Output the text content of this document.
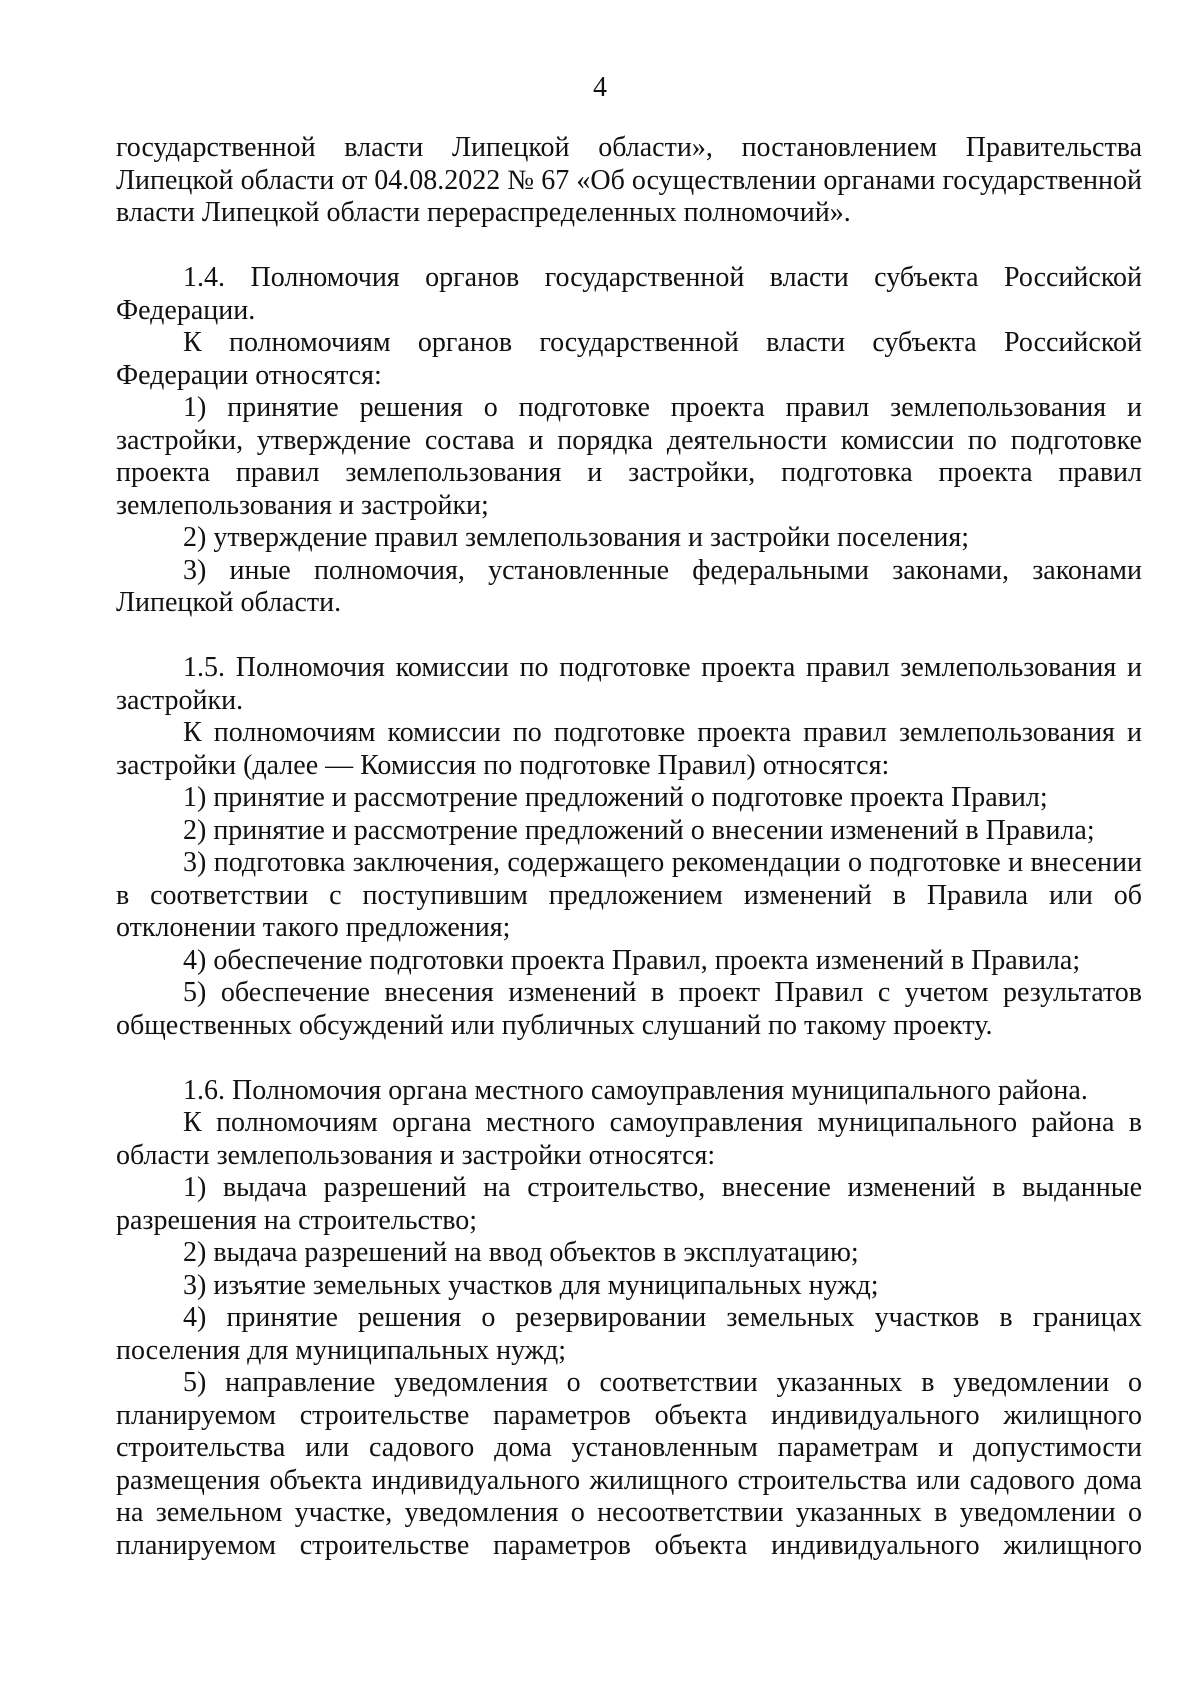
4

государственной власти Липецкой области», постановлением Правительства Липецкой области от 04.08.2022 № 67 «Об осуществлении органами государственной власти Липецкой области перераспределенных полномочий».

1.4. Полномочия органов государственной власти субъекта Российской Федерации.

К полномочиям органов государственной власти субъекта Российской Федерации относятся:

1) принятие решения о подготовке проекта правил землепользования и застройки, утверждение состава и порядка деятельности комиссии по подготовке проекта правил землепользования и застройки, подготовка проекта правил землепользования и застройки;

2) утверждение правил землепользования и застройки поселения;

3) иные полномочия, установленные федеральными законами, законами Липецкой области.

1.5. Полномочия комиссии по подготовке проекта правил землепользования и застройки.

К полномочиям комиссии по подготовке проекта правил землепользования и застройки (далее — Комиссия по подготовке Правил) относятся:

1) принятие и рассмотрение предложений о подготовке проекта Правил;

2) принятие и рассмотрение предложений о внесении изменений в Правила;

3) подготовка заключения, содержащего рекомендации о подготовке и внесении в соответствии с поступившим предложением изменений в Правила или об отклонении такого предложения;

4) обеспечение подготовки проекта Правил, проекта изменений в Правила;

5) обеспечение внесения изменений в проект Правил с учетом результатов общественных обсуждений или публичных слушаний по такому проекту.

1.6. Полномочия органа местного самоуправления муниципального района.

К полномочиям органа местного самоуправления муниципального района в области землепользования и застройки относятся:

1) выдача разрешений на строительство, внесение изменений в выданные разрешения на строительство;

2) выдача разрешений на ввод объектов в эксплуатацию;

3) изъятие земельных участков для муниципальных нужд;

4) принятие решения о резервировании земельных участков в границах поселения для муниципальных нужд;

5) направление уведомления о соответствии указанных в уведомлении о планируемом строительстве параметров объекта индивидуального жилищного строительства или садового дома установленным параметрам и допустимости размещения объекта индивидуального жилищного строительства или садового дома на земельном участке, уведомления о несоответствии указанных в уведомлении о планируемом строительстве параметров объекта индивидуального жилищного
